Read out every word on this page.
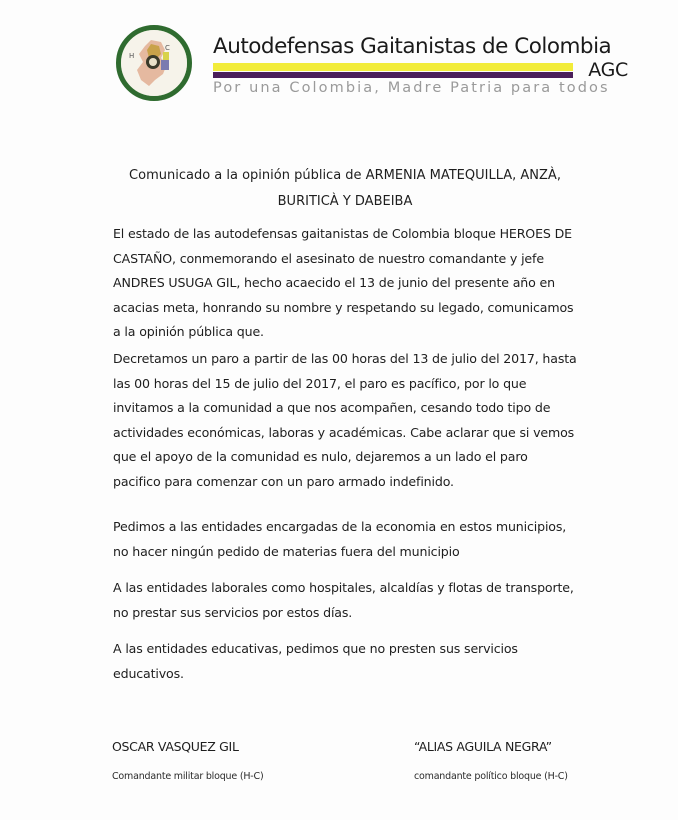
H
C Autodefensas Gaitanistas de Colombia
AGC
Por una Colombia, Madre Patria para todos
Comunicado a la opinión pública de ARMENIA MATEQUILLA, ANZÀ,
BURITICÀ Y DABEIBA
El estado de las autodefensas gaitanistas de Colombia bloque HEROES DE
CASTAÑO, conmemorando el asesinato de nuestro comandante y jefe
ANDRES USUGA GIL, hecho acaecido el 13 de junio del presente año en
acacias meta, honrando su nombre y respetando su legado, comunicamos
a la opinión pública que.
Decretamos un paro a partir de las 00 horas del 13 de julio del 2017, hasta
las 00 horas del 15 de julio del 2017, el paro es pacífico, por lo que
invitamos a la comunidad a que nos acompañen, cesando todo tipo de
actividades económicas, laboras y académicas. Cabe aclarar que si vemos
que el apoyo de la comunidad es nulo, dejaremos a un lado el paro
pacifico para comenzar con un paro armado indefinido.
Pedimos a las entidades encargadas de la economia en estos municipios,
no hacer ningún pedido de materias fuera del municipio
A las entidades laborales como hospitales, alcaldías y flotas de transporte,
no prestar sus servicios por estos días.
A las entidades educativas, pedimos que no presten sus servicios
educativos.
OSCAR VASQUEZ GIL
Comandante militar bloque (H-C)
“ALIAS AGUILA NEGRA”
comandante político bloque (H-C)
